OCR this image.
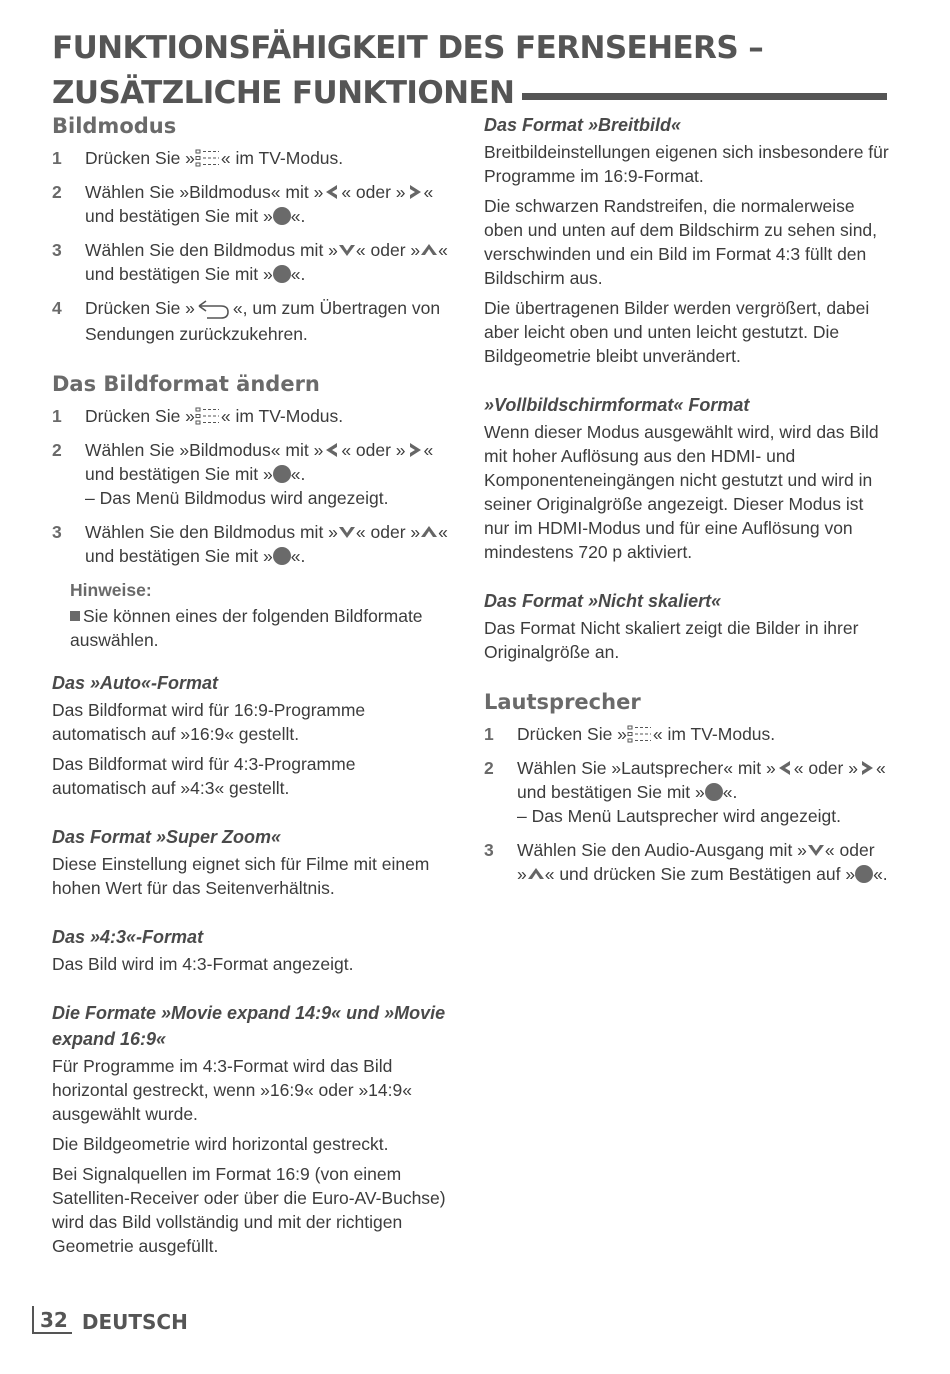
FUNKTIONSFÄHIGKEIT DES FERNSEHERS –
ZUSÄTZLICHE FUNKTIONEN
Bildmodus
1	Drücken Sie » « im TV-Modus.
2	Wählen Sie »Bildmodus« mit » « oder » « und bestätigen Sie mit » «.
3	Wählen Sie den Bildmodus mit » « oder » « und bestätigen Sie mit » «.
4	Drücken Sie » «, um zum Übertragen von Sendungen zurückzukehren.
Das Bildformat ändern
1	Drücken Sie » « im TV-Modus.
2	Wählen Sie »Bildmodus« mit » « oder » « und bestätigen Sie mit » «.
– Das Menü Bildmodus wird angezeigt.
3	Wählen Sie den Bildmodus mit » « oder » « und bestätigen Sie mit » «.
Hinweise:
Sie können eines der folgenden Bildformate auswählen.
Das »Auto«-Format

Das Bildformat wird für 16:9-Programme automatisch auf »16:9« gestellt.

Das Bildformat wird für 4:3-Programme automatisch auf »4:3« gestellt.

Das Format »Super Zoom«

Diese Einstellung eignet sich für Filme mit einem hohen Wert für das Seitenverhältnis.

Das »4:3«-Format

Das Bild wird im 4:3-Format angezeigt.

Die Formate »Movie expand 14:9« und »Movie expand 16:9«

Für Programme im 4:3-Format wird das Bild horizontal gestreckt, wenn »16:9« oder »14:9« ausgewählt wurde.

Die Bildgeometrie wird horizontal gestreckt.

Bei Signalquellen im Format 16:9 (von einem Satelliten-Receiver oder über die Euro-AV-Buchse) wird das Bild vollständig und mit der richtigen Geometrie ausgefüllt.

Das Format »Breitbild«

Breitbildeinstellungen eigenen sich insbesondere für Programme im 16:9-Format.

Die schwarzen Randstreifen, die normalerweise oben und unten auf dem Bildschirm zu sehen sind, verschwinden und ein Bild im Format 4:3 füllt den Bildschirm aus.

Die übertragenen Bilder werden vergrößert, dabei aber leicht oben und unten leicht gestutzt. Die Bildgeometrie bleibt unverändert.

»Vollbildschirmformat« Format

Wenn dieser Modus ausgewählt wird, wird das Bild mit hoher Auflösung aus den HDMI- und Komponenteneingängen nicht gestutzt und wird in seiner Originalgröße angezeigt. Dieser Modus ist nur im HDMI-Modus und für eine Auflösung von mindestens 720 p aktiviert.

Das Format »Nicht skaliert«

Das Format Nicht skaliert zeigt die Bilder in ihrer Originalgröße an.

Lautsprecher
1	Drücken Sie » « im TV-Modus.
2	Wählen Sie »Lautsprecher« mit » « oder » « und bestätigen Sie mit » «.
– Das Menü Lautsprecher wird angezeigt.
3	Wählen Sie den Audio-Ausgang mit » « oder » « und drücken Sie zum Bestätigen auf » «.
32 DEUTSCH
